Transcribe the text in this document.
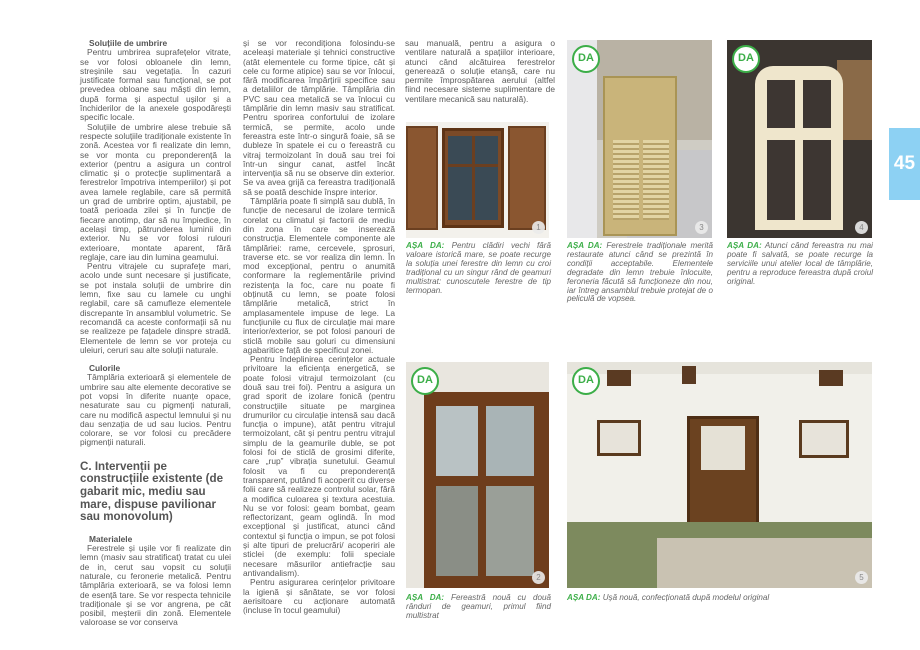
Soluțiile de umbrire

Pentru umbrirea suprafețelor vitrate, se vor folosi obloanele din lemn, streșinile sau vegetația. În cazuri justificate formal sau funcțional, se pot prevedea obloane sau măști din lemn, după forma și aspectul ușilor și a închiderilor de la anexele gospodărești specific locale.

Soluțiile de umbrire alese trebuie să respecte soluțiile tradiționale existente în zonă. Acestea vor fi realizate din lemn, se vor monta cu preponderență la exterior (pentru a asigura un control climatic și o protecție suplimentară a ferestrelor împotriva intemperiilor) și pot avea lamele reglabile, care să permită un grad de umbrire optim, ajustabil, pe toată perioada zilei și în funcție de fiecare anotimp, dar să nu împiedice, în același timp, pătrunderea luminii din exterior. Nu se vor folosi rulouri exterioare, montate aparent, fără reglaje, care iau din lumina geamului.

Pentru vitrajele cu suprafețe mari, acolo unde sunt necesare și justificate, se pot instala soluții de umbrire din lemn, fixe sau cu lamele cu unghi reglabil, care să camufleze elementele discrepante în ansamblul volumetric. Se recomandă ca aceste conformații să nu se realizeze pe fațadele dinspre stradă. Elementele de lemn se vor proteja cu uleiuri, ceruri sau alte soluții naturale.

Culorile

Tâmplăria exterioară și elementele de umbrire sau alte elemente decorative se pot vopsi în diferite nuanțe opace, nesaturate sau cu pigmenți naturali, care nu modifică aspectul lemnului și nu dau senzația de ud sau lucios. Pentru colorare, se vor folosi cu precădere pigmenții naturali.

C. Intervenții pe construcțiile existente (de gabarit mic, mediu sau mare, dispuse pavilionar sau monovolum)
Materialele

Ferestrele și ușile vor fi realizate din lemn (masiv sau stratificat) tratat cu ulei de in, cerut sau vopsit cu soluții naturale, cu feronerie metalică. Pentru tâmplăria exterioară, se va folosi lemn de esență tare. Se vor respecta tehnicile tradiționale și se vor angrena, pe cât posibil, meșterii din zonă. Elementele valoroase se vor conserva

și se vor recondiționa folosindu-se aceleași materiale și tehnici constructive (atât elementele cu forme tipice, cât și cele cu forme atipice) sau se vor înlocui, fără modificarea împărțirii specifice sau a detaliilor de tâmplărie. Tâmplăria din PVC sau cea metalică se va înlocui cu tâmplărie din lemn masiv sau stratificat. Pentru sporirea confortului de izolare termică, se permite, acolo unde fereastra este într-o singură foaie, să se dubleze în spatele ei cu o fereastră cu vitraj termoizolant în două sau trei foi într-un singur canat, astfel încât intervenția să nu se observe din exterior. Se va avea grijă ca fereastra tradițională să se poată deschide înspre interior.

Tâmplăria poate fi simplă sau dublă, în funcție de necesarul de izolare termică corelat cu climatul și factorii de mediu din zona în care se inserează construcția. Elementele componente ale tâmplăriei: rame, cercevele, șprosuri, traverse etc. se vor realiza din lemn. În mod excepțional, pentru o anumită conformare la reglementările privind rezistența la foc, care nu poate fi obținută cu lemn, se poate folosi tâmplărie metalică, strict în amplasamentele impuse de lege. La funcțiunile cu flux de circulație mai mare interior/exterior, se pot folosi panouri de sticlă mobile sau goluri cu dimensiuni agabaritice față de specificul zonei.

Pentru îndeplinirea cerințelor actuale privitoare la eficiența energetică, se poate folosi vitrajul termoizolant (cu două sau trei foi). Pentru a asigura un grad sporit de izolare fonică (pentru construcțiile situate pe marginea drumurilor cu circulație intensă sau dacă funcția o impune), atât pentru vitrajul termoizolant, cât și pentru pentru vitrajul simplu de la geamurile duble, se pot folosi foi de sticlă de grosimi diferite, care „rup” vibrația sunetului. Geamul folosit va fi cu preponderență transparent, putând fi acoperit cu diverse folii care să realizeze controlul solar, fără a modifica culoarea și textura acestuia. Nu se vor folosi: geam bombat, geam reflectorizant, geam oglindă. În mod excepțional și justificat, atunci când contextul și funcția o impun, se pot folosi și alte tipuri de prelucrări/ acoperiri ale sticlei (de exemplu: folii speciale necesare măsurilor antiefracție sau antivandalism).

Pentru asigurarea cerințelor privitoare la igienă și sănătate, se vor folosi aerisitoare cu acționare automată (incluse în tocul geamului)

sau manuală, pentru a asigura o ventilare naturală a spațiilor interioare, atunci când alcătuirea ferestrelor generează o soluție etanșă, care nu permite împrospătarea aerului (altfel fiind necesare sisteme suplimentare de ventilare mecanică sau naturală).

1
AȘA DA: Pentru clădiri vechi fără valoare istorică mare, se poate recurge la soluția unei ferestre din lemn cu croi tradițional cu un singur rând de geamuri multistrat: cunoscutele ferestre de tip termopan.
DA
3
AȘA DA: Ferestrele tradiționale merită restaurate atunci când se prezintă în condiții acceptabile. Elementele degradate din lemn trebuie înlocuite, feroneria făcută să funcționeze din nou, iar întreg ansamblul trebuie protejat de o peliculă de vopsea.
DA
4
AȘA DA: Atunci când fereastra nu mai poate fi salvată, se poate recurge la serviciile unui atelier local de tâmplărie, pentru a reproduce fereastra după croiul original.
DA
2
AȘA DA: Fereastră nouă cu două rânduri de geamuri, primul fiind multistrat
DA
5
AȘA DA: Ușă nouă, confecționată după modelul original
45
